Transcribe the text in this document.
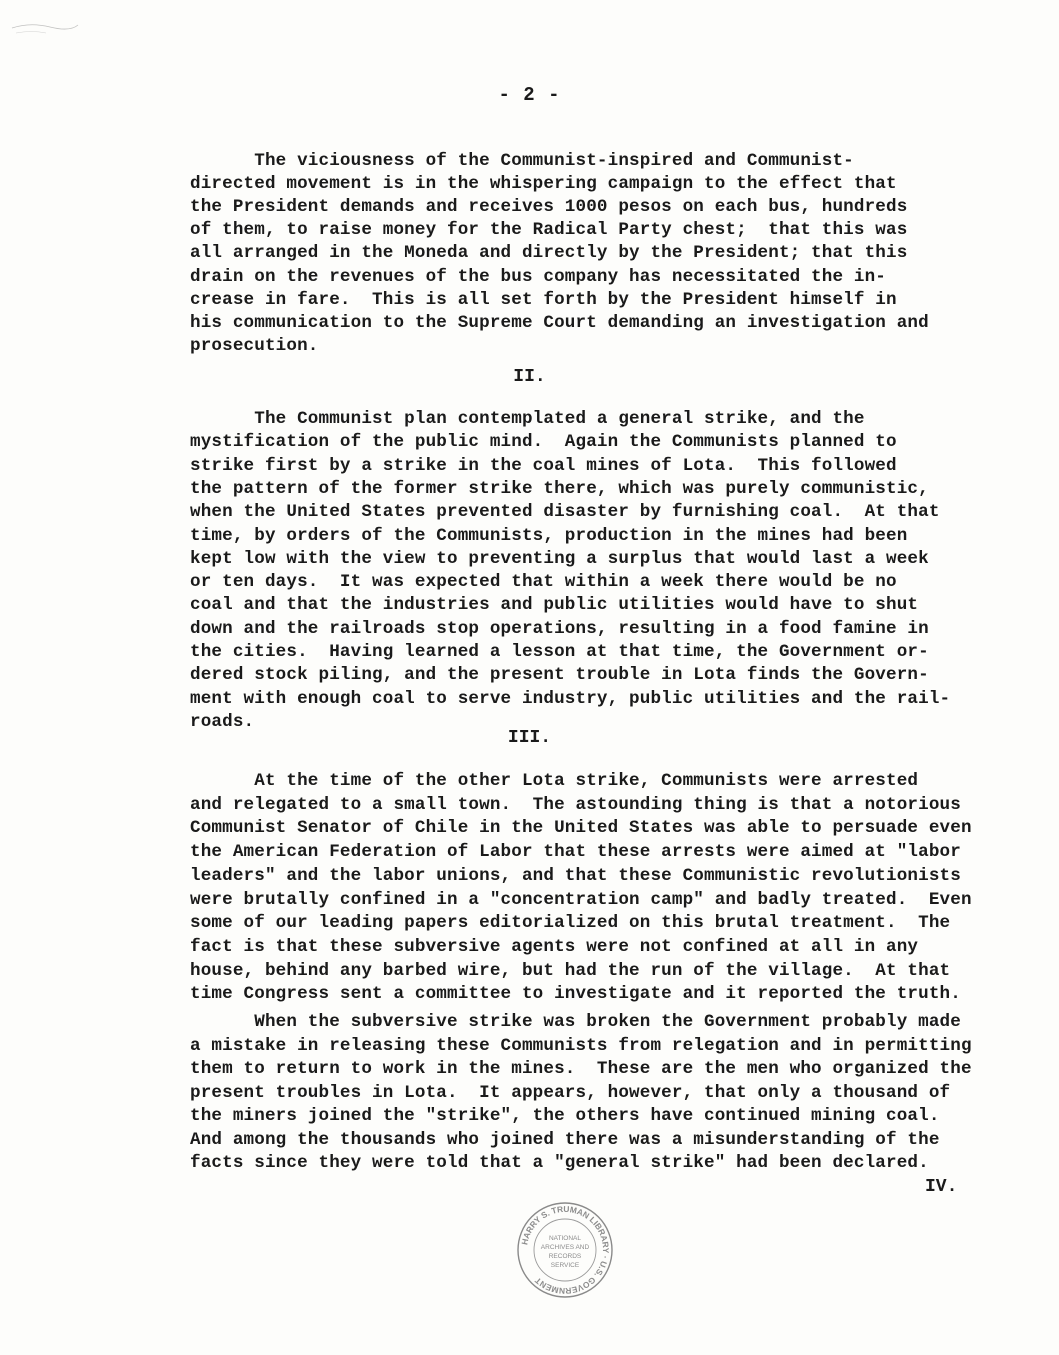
- 2 -
The viciousness of the Communist-inspired and Communist-
directed movement is in the whispering campaign to the effect that
the President demands and receives 1000 pesos on each bus, hundreds
of them, to raise money for the Radical Party chest;  that this was
all arranged in the Moneda and directly by the President; that this
drain on the revenues of the bus company has necessitated the in-
crease in fare.  This is all set forth by the President himself in
his communication to the Supreme Court demanding an investigation and
prosecution.
II.
The Communist plan contemplated a general strike, and the
mystification of the public mind.  Again the Communists planned to
strike first by a strike in the coal mines of Lota.  This followed
the pattern of the former strike there, which was purely communistic,
when the United States prevented disaster by furnishing coal.  At that
time, by orders of the Communists, production in the mines had been
kept low with the view to preventing a surplus that would last a week
or ten days.  It was expected that within a week there would be no
coal and that the industries and public utilities would have to shut
down and the railroads stop operations, resulting in a food famine in
the cities.  Having learned a lesson at that time, the Government or-
dered stock piling, and the present trouble in Lota finds the Govern-
ment with enough coal to serve industry, public utilities and the rail-
roads.
III.
At the time of the other Lota strike, Communists were arrested
and relegated to a small town.  The astounding thing is that a notorious
Communist Senator of Chile in the United States was able to persuade even
the American Federation of Labor that these arrests were aimed at "labor
leaders" and the labor unions, and that these Communistic revolutionists
were brutally confined in a "concentration camp" and badly treated.  Even
some of our leading papers editorialized on this brutal treatment.  The
fact is that these subversive agents were not confined at all in any
house, behind any barbed wire, but had the run of the village.  At that
time Congress sent a committee to investigate and it reported the truth.
When the subversive strike was broken the Government probably made
a mistake in releasing these Communists from relegation and in permitting
them to return to work in the mines.  These are the men who organized the
present troubles in Lota.  It appears, however, that only a thousand of
the miners joined the "strike", the others have continued mining coal.
And among the thousands who joined there was a misunderstanding of the
facts since they were told that a "general strike" had been declared.
IV.
HARRY S. TRUMAN LIBRARY · U.S. GOVERNMENT
NATIONAL
ARCHIVES AND
RECORDS
SERVICE
